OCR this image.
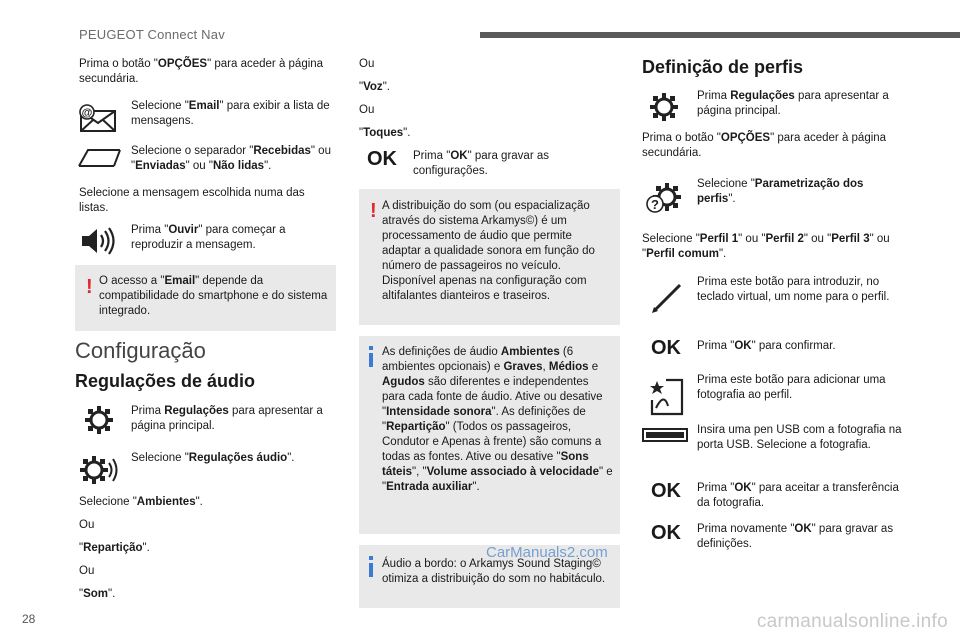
PEUGEOT Connect Nav
Prima o botão "OPÇÕES" para aceder à página secundária.
@
Selecione "Email" para exibir a lista de mensagens.
Selecione o separador "Recebidas" ou "Enviadas" ou "Não lidas".
Selecione a mensagem escolhida numa das listas.
Prima "Ouvir" para começar a reproduzir a mensagem.
! O acesso a "Email" depende da compatibilidade do smartphone e do sistema integrado.
Configuração
Regulações de áudio
Prima Regulações para apresentar a página principal.
Selecione "Regulações áudio".
Selecione "Ambientes".
Ou
"Repartição".
Ou
"Som".
Ou
"Voz".
Ou
"Toques".
OK Prima "OK" para gravar as configurações.
! A distribuição do som (ou espacialização através do sistema Arkamys©) é um processamento de áudio que permite adaptar a qualidade sonora em função do número de passageiros no veículo. Disponível apenas na configuração com altifalantes dianteiros e traseiros.
As definições de áudio Ambientes (6 ambientes opcionais) e Graves, Médios e Agudos são diferentes e independentes para cada fonte de áudio. Ative ou desative "Intensidade sonora". As definições de "Repartição" (Todos os passageiros, Condutor e Apenas à frente) são comuns a todas as fontes. Ative ou desative "Sons táteis", "Volume associado à velocidade" e "Entrada auxiliar".
Áudio a bordo: o Arkamys Sound Staging© otimiza a distribuição do som no habitáculo.
CarManuals2.com
Definição de perfis
Prima Regulações para apresentar a página principal.
Prima o botão "OPÇÕES" para aceder à página secundária.
?
Selecione "Parametrização dos perfis".
Selecione "Perfil 1" ou "Perfil 2" ou "Perfil 3" ou "Perfil comum".
Prima este botão para introduzir, no teclado virtual, um nome para o perfil.
OK Prima "OK" para confirmar.
Prima este botão para adicionar uma fotografia ao perfil.
Insira uma pen USB com a fotografia na porta USB. Selecione a fotografia.
OK Prima "OK" para aceitar a transferência da fotografia.
OK Prima novamente "OK" para gravar as definições.
28	carmanualsonline.info
